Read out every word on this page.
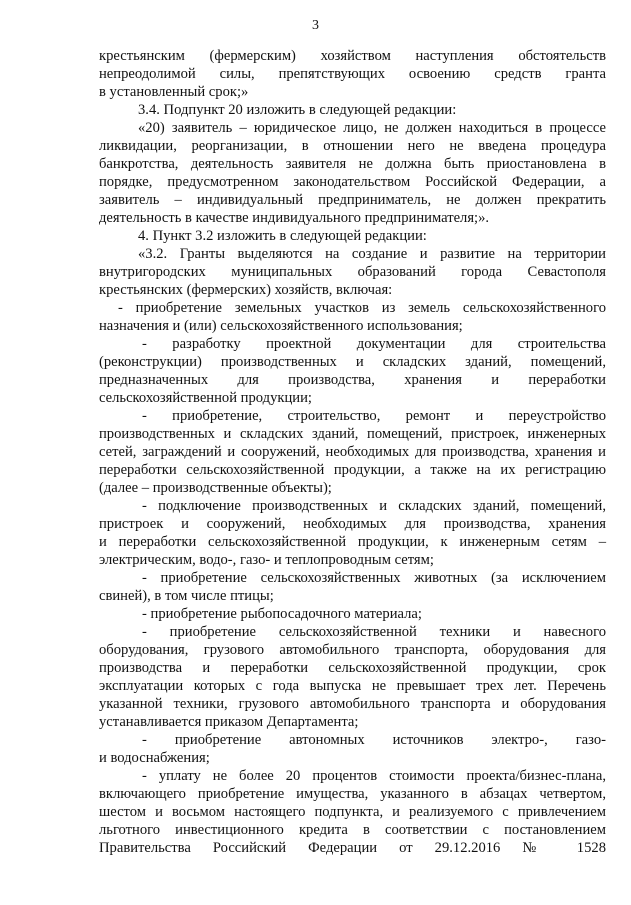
3
крестьянским (фермерским) хозяйством наступления обстоятельств
непреодолимой силы, препятствующих освоению средств гранта
в установленный срок;»
3.4. Подпункт 20 изложить в следующей редакции:
«20) заявитель – юридическое лицо, не должен находиться в процессе
ликвидации, реорганизации, в отношении него не введена процедура
банкротства, деятельность заявителя не должна быть приостановлена в
порядке, предусмотренном законодательством Российской Федерации, а
заявитель – индивидуальный предприниматель, не должен прекратить
деятельность в качестве индивидуального предпринимателя;».
4. Пункт 3.2 изложить в следующей редакции:
«3.2. Гранты выделяются на создание и развитие на территории
внутригородских муниципальных образований города Севастополя
крестьянских (фермерских) хозяйств, включая:
- приобретение земельных участков из земель сельскохозяйственного
назначения и (или) сельскохозяйственного использования;
- разработку проектной документации для строительства
(реконструкции) производственных и складских зданий, помещений,
предназначенных для производства, хранения и переработки
сельскохозяйственной продукции;
- приобретение, строительство, ремонт и переустройство
производственных и складских зданий, помещений, пристроек, инженерных
сетей, заграждений и сооружений, необходимых для производства, хранения и
переработки сельскохозяйственной продукции, а также на их регистрацию
(далее – производственные объекты);
- подключение производственных и складских зданий, помещений,
пристроек и сооружений, необходимых для производства, хранения
и переработки сельскохозяйственной продукции, к инженерным сетям –
электрическим, водо-, газо- и теплопроводным сетям;
- приобретение сельскохозяйственных животных (за исключением
свиней), в том числе птицы;
- приобретение рыбопосадочного материала;
- приобретение сельскохозяйственной техники и навесного
оборудования, грузового автомобильного транспорта, оборудования для
производства и переработки сельскохозяйственной продукции, срок
эксплуатации которых с года выпуска не превышает трех лет. Перечень
указанной техники, грузового автомобильного транспорта и оборудования
устанавливается приказом Департамента;
- приобретение автономных источников электро-, газо-
и водоснабжения;
- уплату не более 20 процентов стоимости проекта/бизнес-плана,
включающего приобретение имущества, указанного в абзацах четвертом,
шестом и восьмом настоящего подпункта, и реализуемого с привлечением
льготного инвестиционного кредита в соответствии с постановлением
Правительства Российский Федерации от 29.12.2016 № 1528
